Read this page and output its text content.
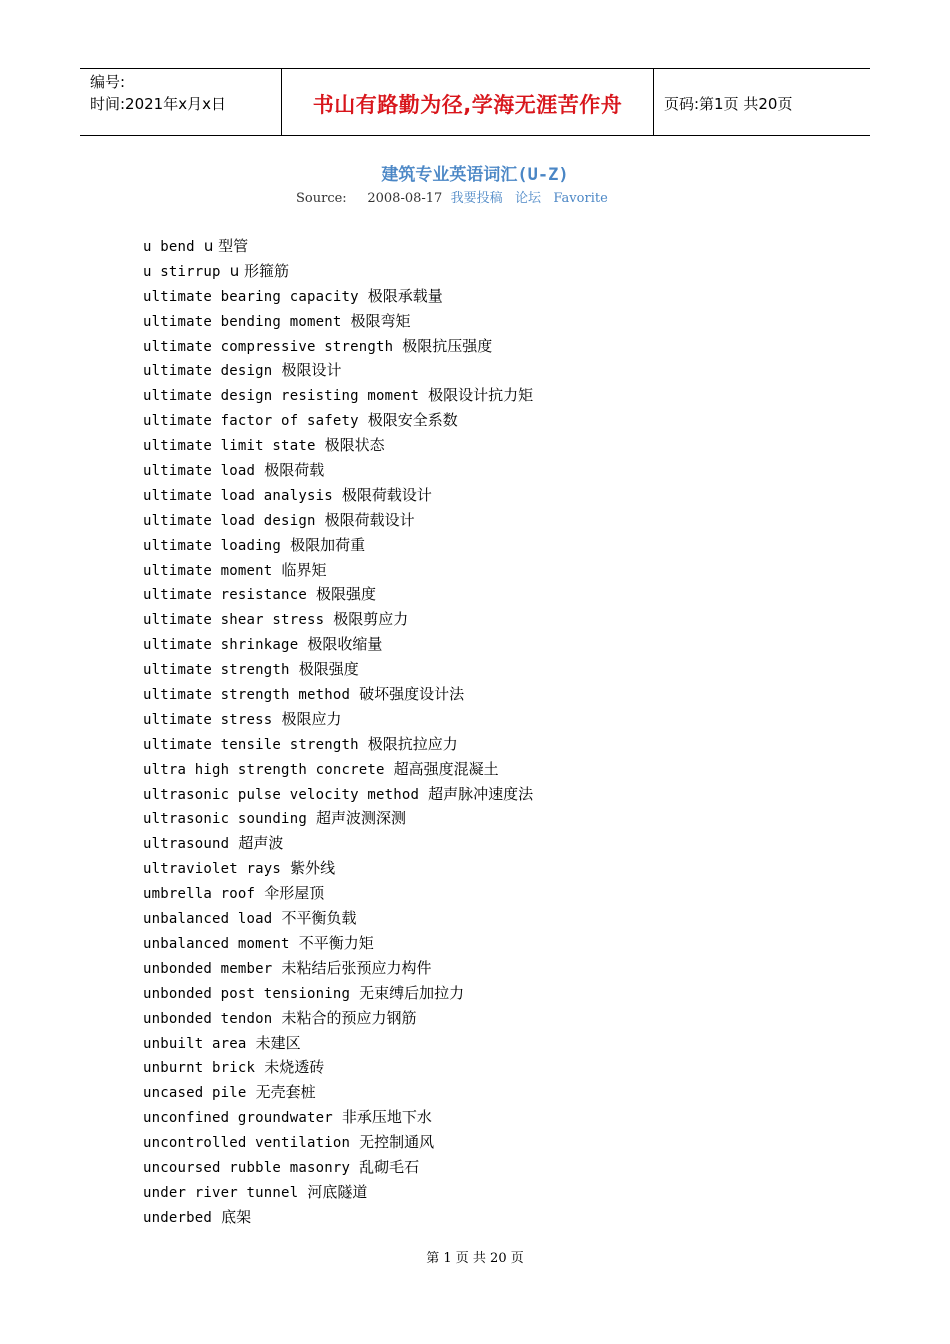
编号:
时间:2021年x月x日	书山有路勤为径,学海无涯苦作舟	页码:第1页 共20页
建筑专业英语词汇(U-Z)
Source: 2008-08-17 我要投稿 论坛 Favorite
u bend u 型管
u stirrup u 形箍筋
ultimate bearing capacity 极限承载量
ultimate bending moment 极限弯矩
ultimate compressive strength 极限抗压强度
ultimate design 极限设计
ultimate design resisting moment 极限设计抗力矩
ultimate factor of safety 极限安全系数
ultimate limit state 极限状态
ultimate load 极限荷载
ultimate load analysis 极限荷载设计
ultimate load design 极限荷载设计
ultimate loading 极限加荷重
ultimate moment 临界矩
ultimate resistance 极限强度
ultimate shear stress 极限剪应力
ultimate shrinkage 极限收缩量
ultimate strength 极限强度
ultimate strength method 破坏强度设计法
ultimate stress 极限应力
ultimate tensile strength 极限抗拉应力
ultra high strength concrete 超高强度混凝土
ultrasonic pulse velocity method 超声脉冲速度法
ultrasonic sounding 超声波测深测
ultrasound 超声波
ultraviolet rays 紫外线
umbrella roof 伞形屋顶
unbalanced load 不平衡负载
unbalanced moment 不平衡力矩
unbonded member 未粘结后张预应力构件
unbonded post tensioning 无束缚后加拉力
unbonded tendon 未粘合的预应力钢筋
unbuilt area 未建区
unburnt brick 未烧透砖
uncased pile 无壳套桩
unconfined groundwater 非承压地下水
uncontrolled ventilation 无控制通风
uncoursed rubble masonry 乱砌毛石
under river tunnel 河底隧道
underbed 底架
第 1 页 共 20 页
